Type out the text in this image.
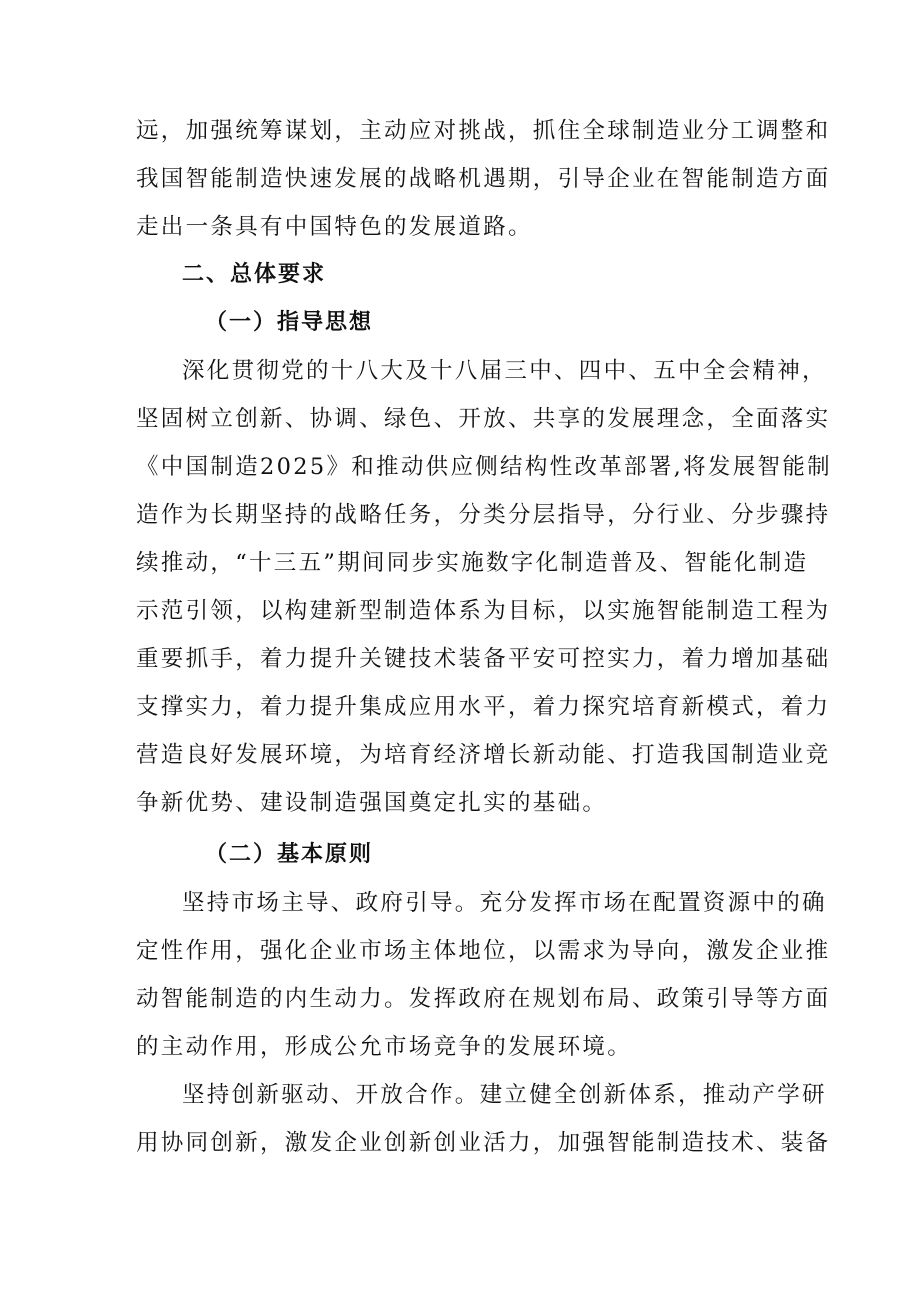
远，加强统筹谋划，主动应对挑战，抓住全球制造业分工调整和
我国智能制造快速发展的战略机遇期，引导企业在智能制造方面
走出一条具有中国特色的发展道路。
二、总体要求
（一）指导思想
深化贯彻党的十八大及十八届三中、四中、五中全会精神，
坚固树立创新、协调、绿色、开放、共享的发展理念，全面落实
《中国制造2025》和推动供应侧结构性改革部署,将发展智能制
造作为长期坚持的战略任务，分类分层指导，分行业、分步骤持
续推动，“十三五”期间同步实施数字化制造普及、智能化制造
示范引领，以构建新型制造体系为目标，以实施智能制造工程为
重要抓手，着力提升关键技术装备平安可控实力，着力增加基础
支撑实力，着力提升集成应用水平，着力探究培育新模式，着力
营造良好发展环境，为培育经济增长新动能、打造我国制造业竞
争新优势、建设制造强国奠定扎实的基础。
（二）基本原则
坚持市场主导、政府引导。充分发挥市场在配置资源中的确
定性作用，强化企业市场主体地位，以需求为导向，激发企业推
动智能制造的内生动力。发挥政府在规划布局、政策引导等方面
的主动作用，形成公允市场竞争的发展环境。
坚持创新驱动、开放合作。建立健全创新体系，推动产学研
用协同创新，激发企业创新创业活力，加强智能制造技术、装备
